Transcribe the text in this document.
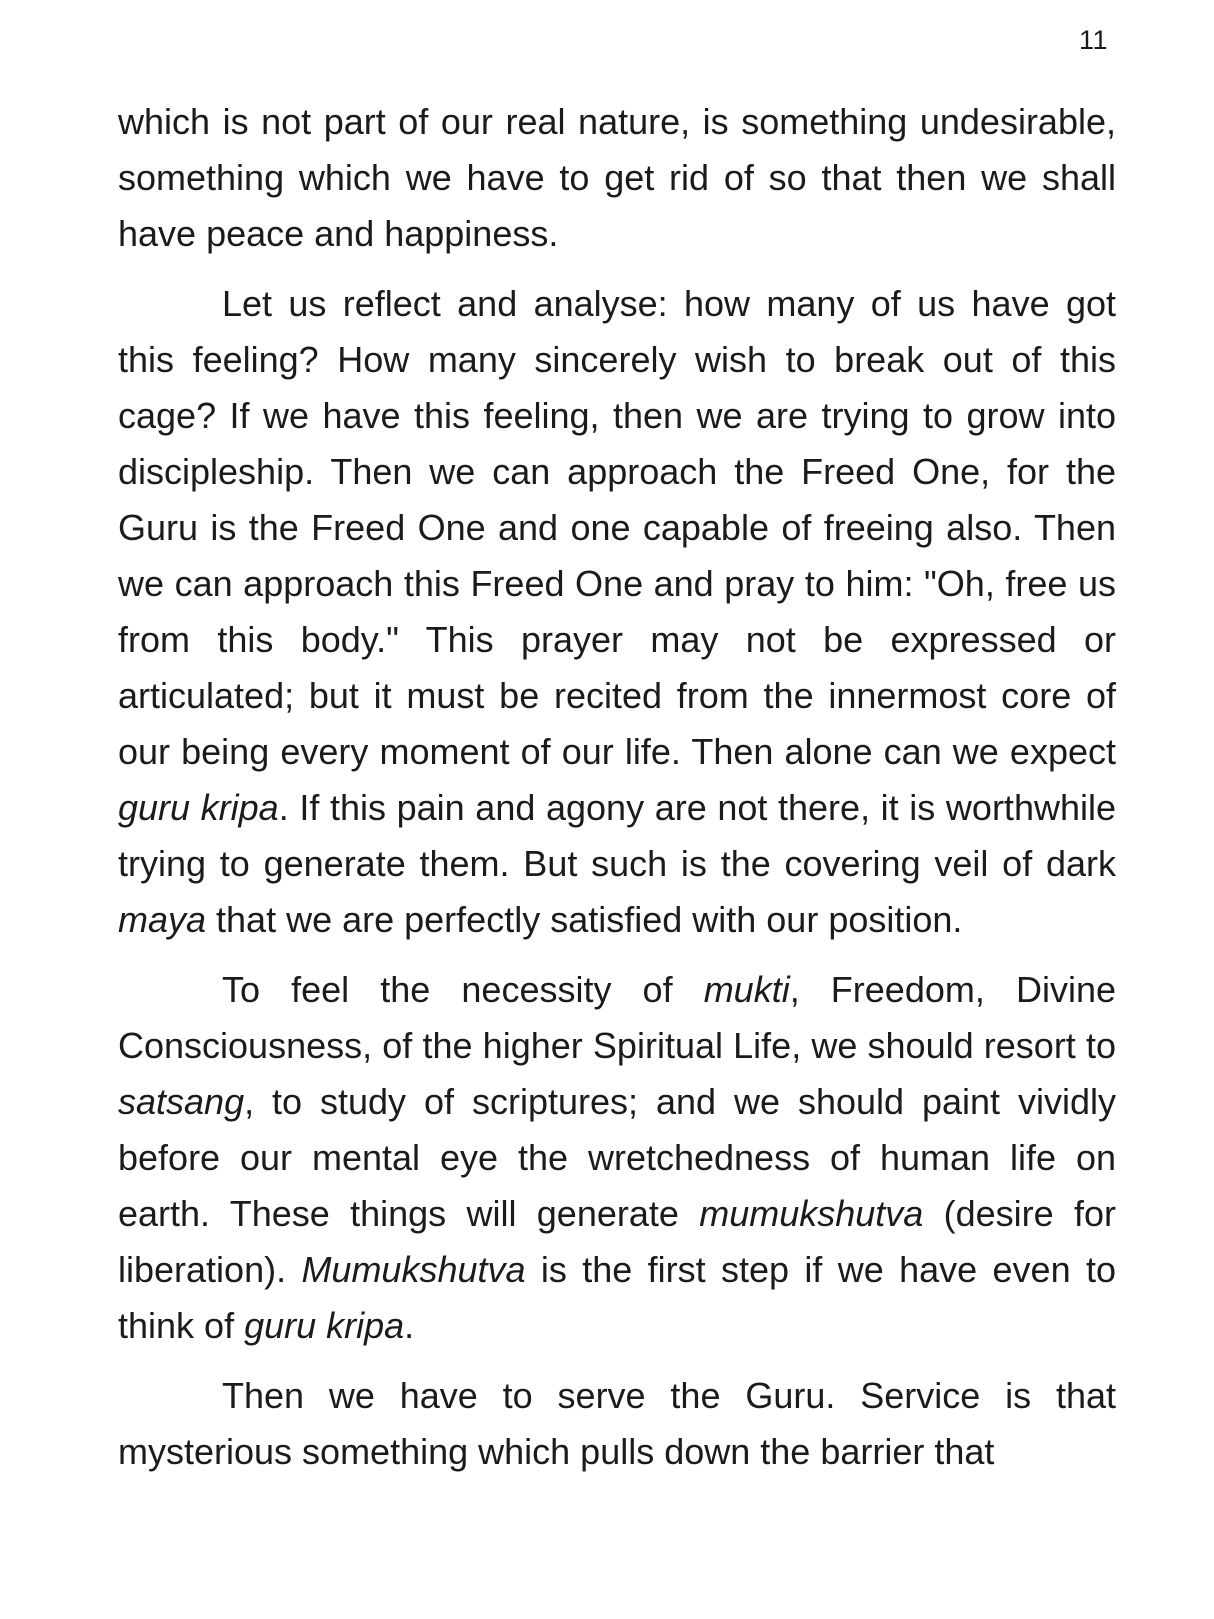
11

which is not part of our real nature, is something undesirable, something which we have to get rid of so that then we shall have peace and happiness.

Let us reflect and analyse: how many of us have got this feeling? How many sincerely wish to break out of this cage? If we have this feeling, then we are trying to grow into discipleship. Then we can approach the Freed One, for the Guru is the Freed One and one capable of freeing also. Then we can approach this Freed One and pray to him: "Oh, free us from this body." This prayer may not be expressed or articulated; but it must be recited from the innermost core of our being every moment of our life. Then alone can we expect guru kripa. If this pain and agony are not there, it is worthwhile trying to generate them. But such is the covering veil of dark maya that we are perfectly satisfied with our position.

To feel the necessity of mukti, Freedom, Divine Consciousness, of the higher Spiritual Life, we should resort to satsang, to study of scriptures; and we should paint vividly before our mental eye the wretchedness of human life on earth. These things will generate mumukshutva (desire for liberation). Mumukshutva is the first step if we have even to think of guru kripa.

Then we have to serve the Guru. Service is that mysterious something which pulls down the barrier that
